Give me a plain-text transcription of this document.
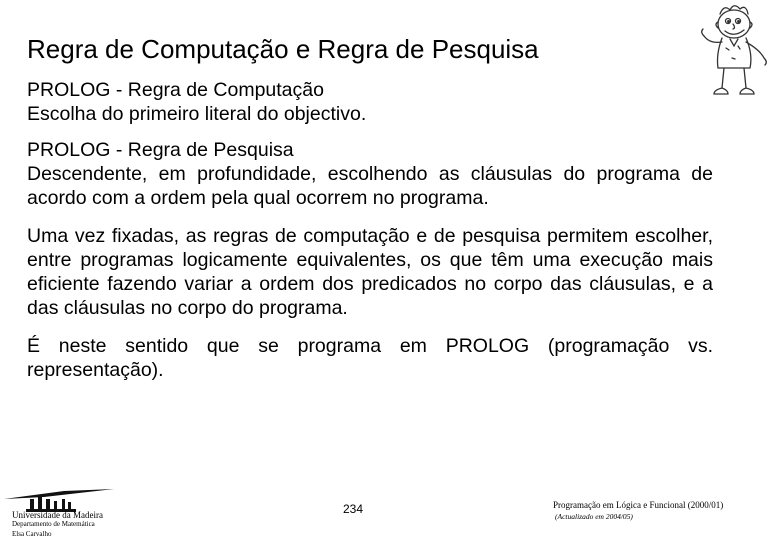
Regra de Computação e Regra de Pesquisa

PROLOG - Regra de Computação
Escolha do primeiro literal do objectivo.

PROLOG - Regra de Pesquisa
Descendente, em profundidade, escolhendo as cláusulas do programa de acordo com a ordem pela qual ocorrem no programa.

Uma vez fixadas, as regras de computação e de pesquisa permitem escolher, entre programas logicamente equivalentes, os que têm uma execução mais eficiente fazendo variar a ordem dos predicados no corpo das cláusulas, e a das cláusulas no corpo do programa.

É neste sentido que se programa em PROLOG (programação vs. representação).

Universidade da Madeira
Departamento de Matemática
Elsa Carvalho
234	Programação em Lógica e Funcional (2000/01)
(Actualizado em 2004/05)
